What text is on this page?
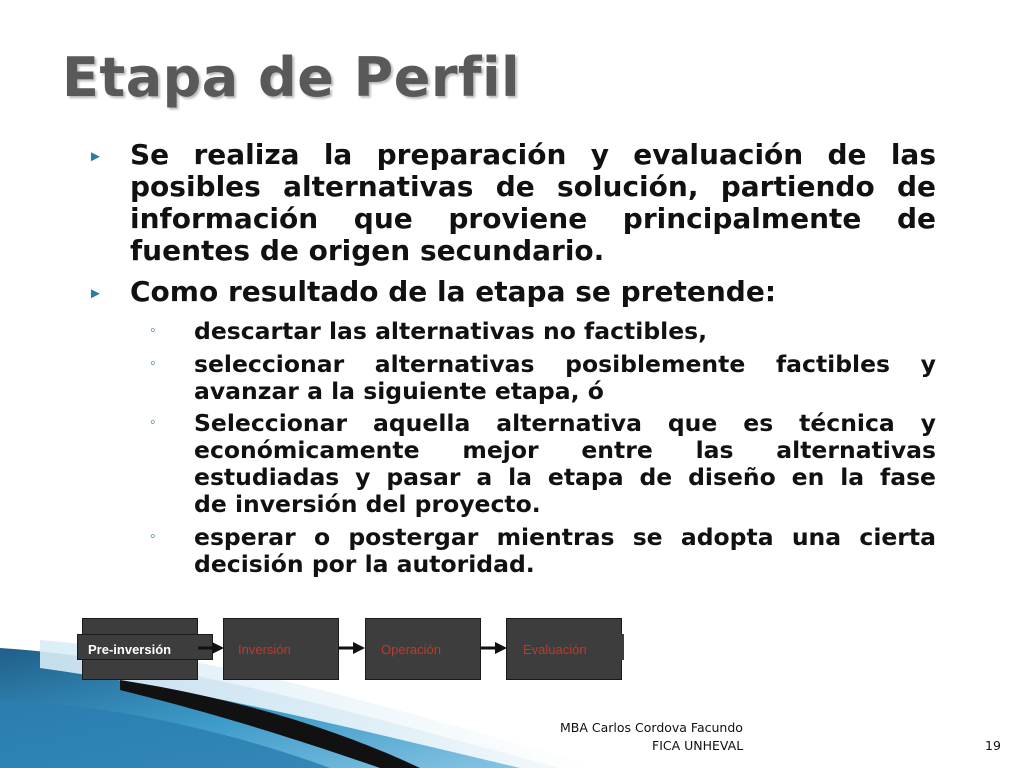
Etapa de Perfil
► Se realiza la preparación y evaluación de las
posibles alternativas de solución, partiendo de
información que proviene principalmente de
fuentes de origen secundario.
► Como resultado de la etapa se pretende:
◦ descartar las alternativas no factibles,
◦ seleccionar alternativas posiblemente factibles y
avanzar a la siguiente etapa, ó
◦ Seleccionar aquella alternativa que es técnica y
económicamente mejor entre las alternativas
estudiadas y pasar a la etapa de diseño en la fase
de inversión del proyecto.
◦ esperar o postergar mientras se adopta una cierta
decisión por la autoridad.
Pre-inversión	Inversión	Operación	Evaluación
MBA Carlos Cordova Facundo
FICA UNHEVAL	19
